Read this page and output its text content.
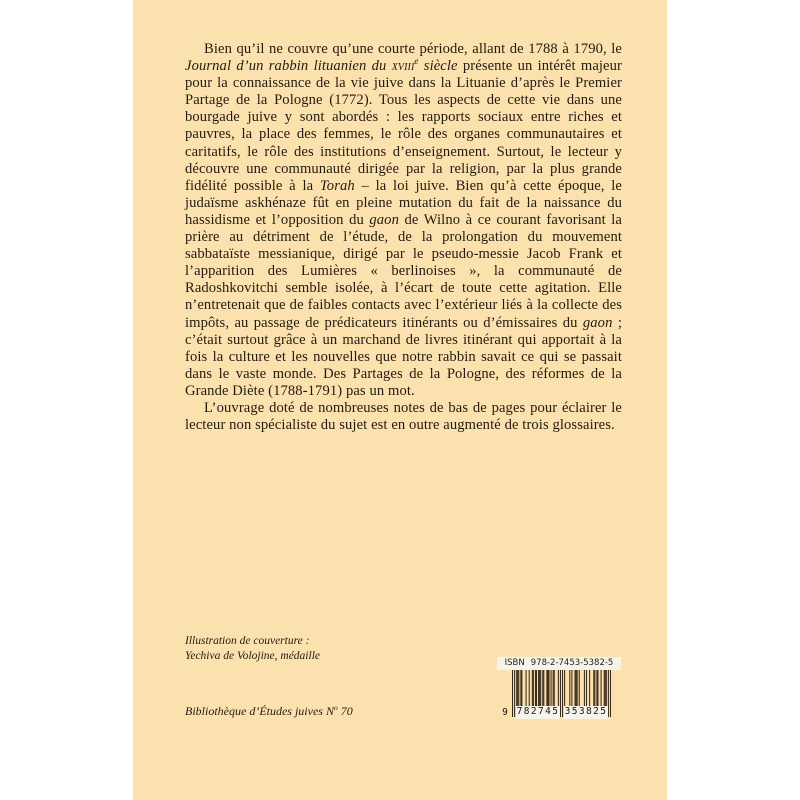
Bien qu’il ne couvre qu’une courte période, allant de 1788 à 1790, le Journal d’un rabbin lituanien du xviii$^e$ siècle présente un intérêt majeur pour la connaissance de la vie juive dans la Lituanie d’après le Premier Partage de la Pologne (1772). Tous les aspects de cette vie dans une bourgade juive y sont abordés : les rapports sociaux entre riches et pauvres, la place des femmes, le rôle des organes communautaires et caritatifs, le rôle des institutions d’enseignement. Surtout, le lecteur y découvre une communauté dirigée par la religion, par la plus grande fidélité possible à la Torah – la loi juive. Bien qu’à cette époque, le judaïsme askhénaze fût en pleine mutation du fait de la naissance du hassidisme et l’opposition du gaon de Wilno à ce courant favorisant la prière au détriment de l’étude, de la prolongation du mouvement sabbataïste messianique, dirigé par le pseudo-messie Jacob Frank et l’apparition des Lumières « berlinoises », la communauté de Radoshkovitchi semble isolée, à l’écart de toute cette agitation. Elle n’entretenait que de faibles contacts avec l’extérieur liés à la collecte des impôts, au passage de prédicateurs itinérants ou d’émissaires du gaon ; c’était surtout grâce à un marchand de livres itinérant qui apportait à la fois la culture et les nouvelles que notre rabbin savait ce qui se passait dans le vaste monde. Des Partages de la Pologne, des réformes de la Grande Diète (1788-1791) pas un mot.

L’ouvrage doté de nombreuses notes de bas de pages pour éclairer le lecteur non spécialiste du sujet est en outre augmenté de trois glossaires.

Illustration de couverture :
Yechiva de Volojine, médaille
Bibliothèque d’Études juives $N^o$ 70
ISBN 978-2-7453-5382-5
9 782745 353825
